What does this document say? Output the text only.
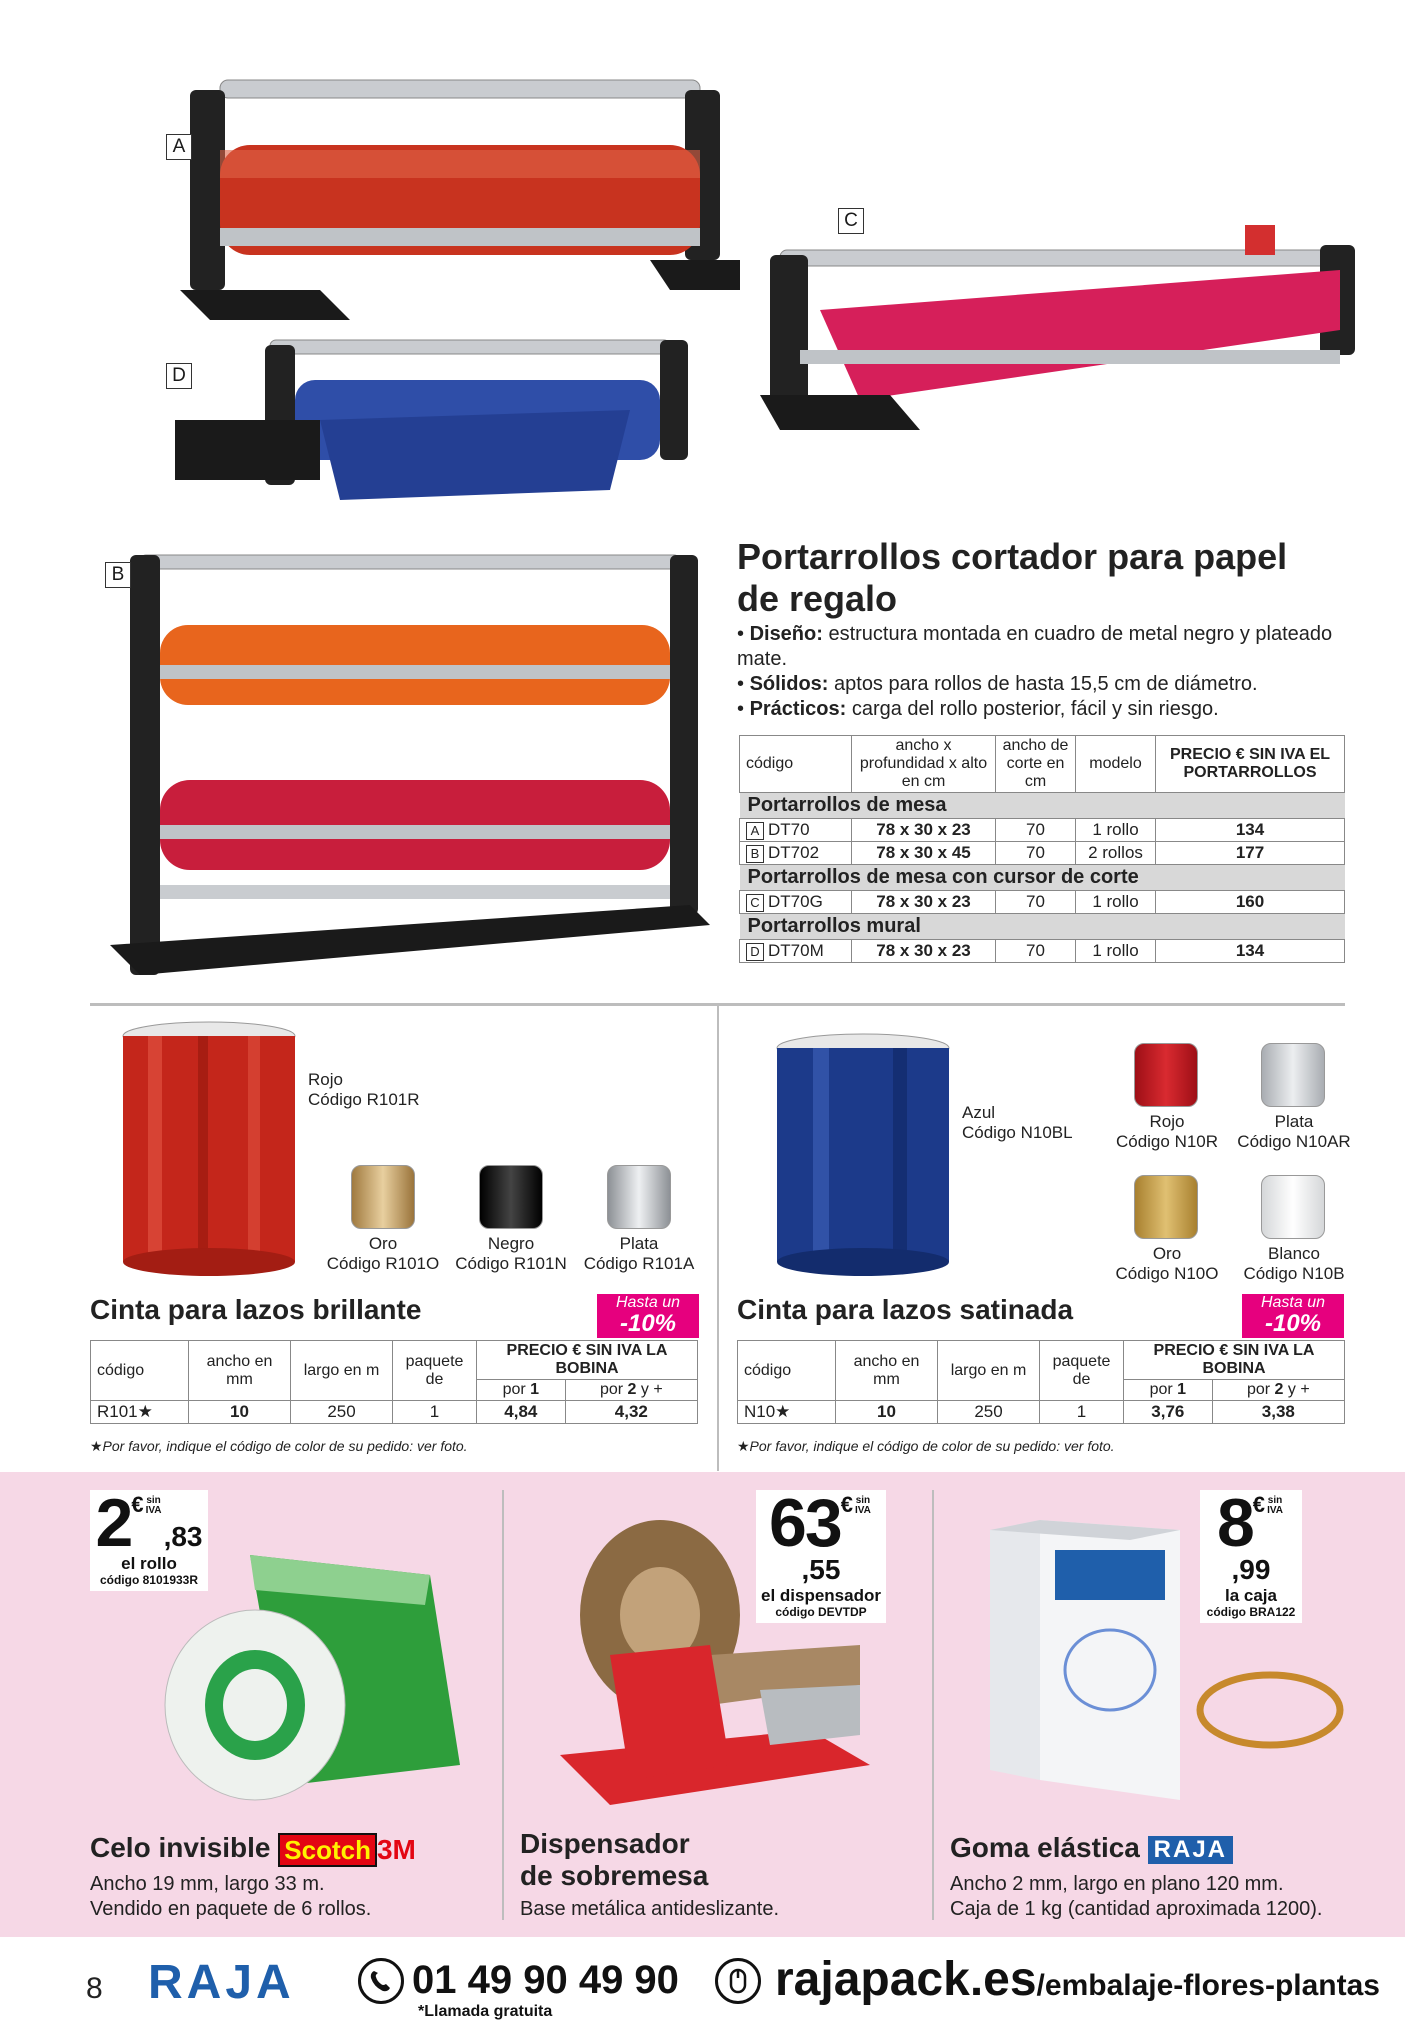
A
C
D
B	Portarrollos cortador para papel de regalo
• Diseño: estructura montada en cuadro de metal negro y plateado mate.
• Sólidos: aptos para rollos de hasta 15,5 cm de diámetro.
• Prácticos: carga del rollo posterior, fácil y sin riesgo.
código	ancho x profundidad x alto en cm	ancho de corte en cm	modelo	PRECIO € SIN IVA EL PORTARROLLOS
Portarrollos de mesa				
A DT70	78 x 30 x 23	70	1 rollo	134
B DT702	78 x 30 x 45	70	2 rollos	177
Portarrollos de mesa con cursor de corte				
C DT70G	78 x 30 x 23	70	1 rollo	160
Portarrollos mural				
D DT70M	78 x 30 x 23	70	1 rollo	134
Rojo
Código R101R
Oro
Código R101O
Negro
Código R101N
Plata
Código R101A
Cinta para lazos brillante	Hasta un
-10%
código	ancho en mm	largo en m	paquete de	PRECIO € SIN IVA LA BOBINA	
				por 1	por 2 y +
R101★	10	250	1	4,84	4,32
★Por favor, indique el código de color de su pedido: ver foto.
Azul
Código N10BL
Rojo
Código N10R
Plata
Código N10AR
Oro
Código N10O
Blanco
Código N10B
Cinta para lazos satinada	Hasta un
-10%
código	ancho en mm	largo en m	paquete de	PRECIO € SIN IVA LA BOBINA	
				por 1	por 2 y +
N10★	10	250	1	3,76	3,38
★Por favor, indique el código de color de su pedido: ver foto.
2€ sin IVA,83
el rollo
código 8101933R
Celo invisible Scotch 3M
Ancho 19 mm, largo 33 m.
Vendido en paquete de 6 rollos.
63€ sin IVA,55
el dispensador
código DEVTDP
Dispensador
de sobremesa
Base metálica antideslizante.
8€ sin IVA,99
la caja
código BRA122
Goma elástica RAJA
Ancho 2 mm, largo en plano 120 mm.
Caja de 1 kg (cantidad aproximada 1200).
8 RAJA	01 49 90 49 90
*Llamada gratuita
rajapack.es/embalaje-flores-plantas
